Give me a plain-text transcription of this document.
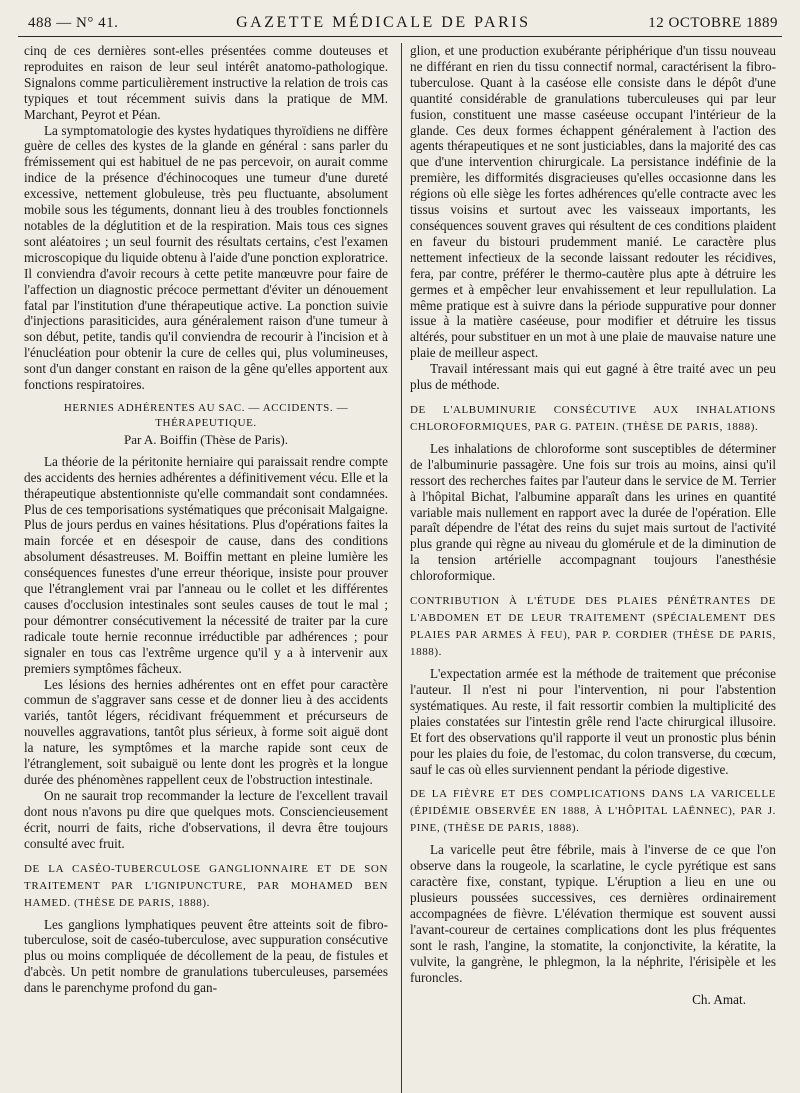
488 — N° 41.	GAZETTE MÉDICALE DE PARIS	12 OCTOBRE 1889

cinq de ces dernières sont-elles présentées comme douteuses et reproduites en raison de leur seul intérêt anatomo-pathologique. Signalons comme particulièrement instructive la relation de trois cas typiques et tout récemment suivis dans la pratique de MM. Marchant, Peyrot et Péan.

La symptomatologie des kystes hydatiques thyroïdiens ne diffère guère de celles des kystes de la glande en général : sans parler du frémissement qui est habituel de ne pas percevoir, on aurait comme indice de la présence d'échinocoques une tumeur d'une dureté excessive, nettement globuleuse, très peu fluctuante, absolument mobile sous les téguments, donnant lieu à des troubles fonctionnels notables de la déglutition et de la respiration. Mais tous ces signes sont aléatoires ; un seul fournit des résultats certains, c'est l'examen microscopique du liquide obtenu à l'aide d'une ponction exploratrice. Il conviendra d'avoir recours à cette petite manœuvre pour faire de l'affection un diagnostic précoce permettant d'éviter un dénouement fatal par l'institution d'une thérapeutique active. La ponction suivie d'injections parasiticides, aura généralement raison d'une tumeur à son début, petite, tandis qu'il conviendra de recourir à l'incision et à l'énucléation pour obtenir la cure de celles qui, plus volumineuses, sont d'un danger constant en raison de la gêne qu'elles apportent aux fonctions respiratoires.

HERNIES ADHÉRENTES AU SAC. — ACCIDENTS. — THÉRAPEUTIQUE.
Par A. Boiffin (Thèse de Paris).

La théorie de la péritonite herniaire qui paraissait rendre compte des accidents des hernies adhérentes a définitivement vécu. Elle et la thérapeutique abstentionniste qu'elle commandait sont condamnées. Plus de ces temporisations systématiques que préconisait Malgaigne. Plus de jours perdus en vaines hésitations. Plus d'opérations faites la main forcée et en désespoir de cause, dans des conditions absolument désastreuses. M. Boiffin mettant en pleine lumière les conséquences funestes d'une erreur théorique, insiste pour prouver que l'étranglement vrai par l'anneau ou le collet et les différentes causes d'occlusion intestinales sont seules causes de tout le mal ; pour démontrer consécutivement la nécessité de traiter par la cure radicale toute hernie reconnue irréductible par adhérences ; pour signaler en tous cas l'extrême urgence qu'il y a à intervenir aux premiers symptômes fâcheux.

Les lésions des hernies adhérentes ont en effet pour caractère commun de s'aggraver sans cesse et de donner lieu à des accidents variés, tantôt légers, récidivant fréquemment et précurseurs de nouvelles aggravations, tantôt plus sérieux, à forme soit aiguë dont la nature, les symptômes et la marche rapide sont ceux de l'étranglement, soit subaiguë ou lente dont les progrès et la longue durée des phénomènes rappellent ceux de l'obstruction intestinale.

On ne saurait trop recommander la lecture de l'excellent travail dont nous n'avons pu dire que quelques mots. Consciencieusement écrit, nourri de faits, riche d'observations, il devra être toujours consulté avec fruit.

DE LA CASÉO-TUBERCULOSE GANGLIONNAIRE ET DE SON TRAITEMENT PAR L'IGNIPUNCTURE, PAR MOHAMED BEN HAMED. (THÈSE DE PARIS, 1888).

Les ganglions lymphatiques peuvent être atteints soit de fibro-tuberculose, soit de caséo-tuberculose, avec suppuration consécutive plus ou moins compliquée de décollement de la peau, de fistules et d'abcès. Un petit nombre de granulations tuberculeuses, parsemées dans le parenchyme profond du gan-

glion, et une production exubérante périphérique d'un tissu nouveau ne différant en rien du tissu connectif normal, caractérisent la fibro-tuberculose. Quant à la caséose elle consiste dans le dépôt d'une quantité considérable de granulations tuberculeuses qui par leur fusion, constituent une masse caséeuse occupant l'intérieur de la glande. Ces deux formes échappent généralement à l'action des agents thérapeutiques et ne sont justiciables, dans la majorité des cas que d'une intervention chirurgicale. La persistance indéfinie de la première, les difformités disgracieuses qu'elles occasionne dans les régions où elle siège les fortes adhérences qu'elle contracte avec les tissus voisins et surtout avec les vaisseaux importants, les conséquences souvent graves qui résultent de ces conditions plaident en faveur du bistouri prudemment manié. Le caractère plus nettement infectieux de la seconde laissant redouter les récidives, fera, par contre, préférer le thermo-cautère plus apte à détruire les germes et à empêcher leur envahissement et leur repullulation. La même pratique est à suivre dans la période suppurative pour donner issue à la matière caséeuse, pour modifier et détruire les tissus altérés, pour substituer en un mot à une plaie de mauvaise nature une plaie de meilleur aspect.

Travail intéressant mais qui eut gagné à être traité avec un peu plus de méthode.

DE L'ALBUMINURIE CONSÉCUTIVE AUX INHALATIONS CHLOROFORMIQUES, PAR G. PATEIN. (THÈSE DE PARIS, 1888).

Les inhalations de chloroforme sont susceptibles de déterminer de l'albuminurie passagère. Une fois sur trois au moins, ainsi qu'il ressort des recherches faites par l'auteur dans le service de M. Terrier à l'hôpital Bichat, l'albumine apparaît dans les urines en quantité variable mais nullement en rapport avec la durée de l'opération. Elle paraît dépendre de l'état des reins du sujet mais surtout de l'activité plus grande qui règne au niveau du glomérule et de la diminution de la tension artérielle accompagnant toujours l'anesthésie chloroformique.

CONTRIBUTION À L'ÉTUDE DES PLAIES PÉNÉTRANTES DE L'ABDOMEN ET DE LEUR TRAITEMENT (SPÉCIALEMENT DES PLAIES PAR ARMES À FEU), PAR P. CORDIER (THÈSE DE PARIS, 1888).

L'expectation armée est la méthode de traitement que préconise l'auteur. Il n'est ni pour l'intervention, ni pour l'abstention systématiques. Au reste, il fait ressortir combien la multiplicité des plaies constatées sur l'intestin grêle rend l'acte chirurgical illusoire. Et fort des observations qu'il rapporte il veut un pronostic plus bénin pour les plaies du foie, de l'estomac, du colon transverse, du cœcum, sauf le cas où elles surviennent pendant la période digestive.

DE LA FIÈVRE ET DES COMPLICATIONS DANS LA VARICELLE (ÉPIDÉMIE OBSERVÉE EN 1888, À L'HÔPITAL LAËNNEC), PAR J. PINE, (THÈSE DE PARIS, 1888).

La varicelle peut être fébrile, mais à l'inverse de ce que l'on observe dans la rougeole, la scarlatine, le cycle pyrétique est sans caractère fixe, constant, typique. L'éruption a lieu en une ou plusieurs poussées successives, ces dernières ordinairement accompagnées de fièvre. L'élévation thermique est souvent aussi l'avant-coureur de certaines complications dont les plus fréquentes sont le rash, l'angine, la stomatite, la conjonctivite, la kératite, la vulvite, la gangrène, le phlegmon, la la néphrite, l'érisipèle et les furoncles.

Ch. Amat.
